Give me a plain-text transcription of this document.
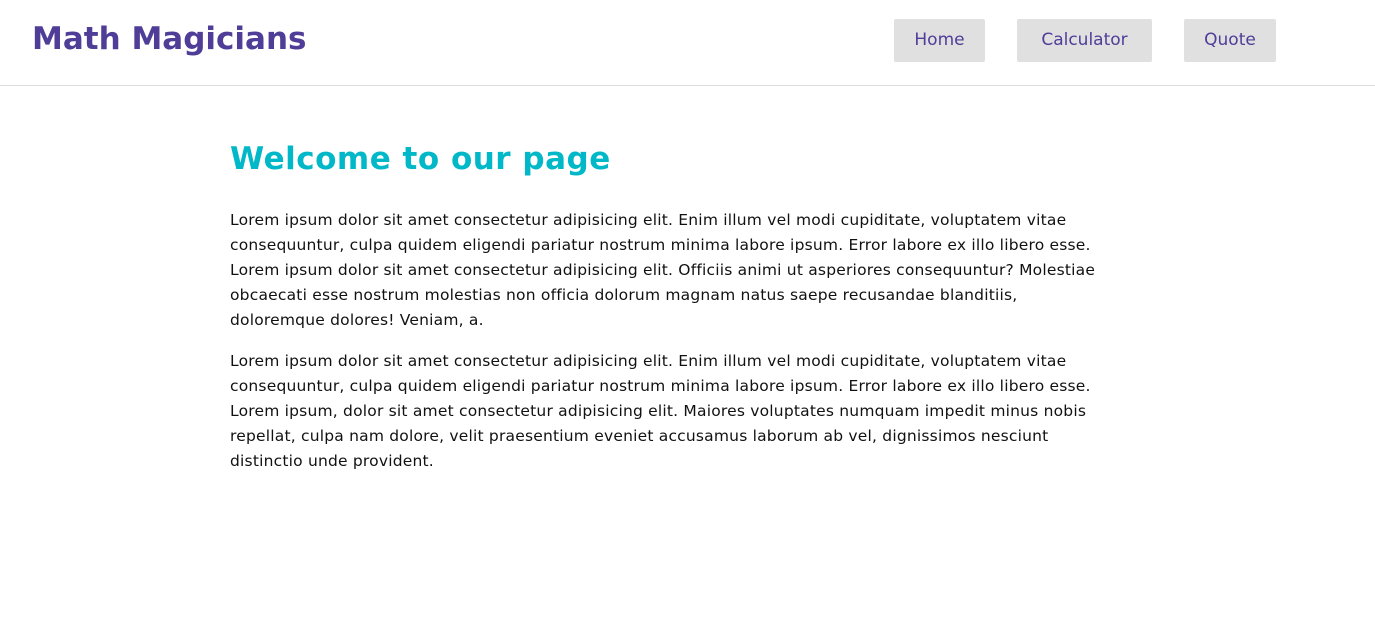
Math Magicians	Home	Calculator	Quote
Welcome to our page

Lorem ipsum dolor sit amet consectetur adipisicing elit. Enim illum vel modi cupiditate, voluptatem vitae consequuntur, culpa quidem eligendi pariatur nostrum minima labore ipsum. Error labore ex illo libero esse. Lorem ipsum dolor sit amet consectetur adipisicing elit. Officiis animi ut asperiores consequuntur? Molestiae obcaecati esse nostrum molestias non officia dolorum magnam natus saepe recusandae blanditiis, doloremque dolores! Veniam, a.

Lorem ipsum dolor sit amet consectetur adipisicing elit. Enim illum vel modi cupiditate, voluptatem vitae consequuntur, culpa quidem eligendi pariatur nostrum minima labore ipsum. Error labore ex illo libero esse. Lorem ipsum, dolor sit amet consectetur adipisicing elit. Maiores voluptates numquam impedit minus nobis repellat, culpa nam dolore, velit praesentium eveniet accusamus laborum ab vel, dignissimos nesciunt distinctio unde provident.
